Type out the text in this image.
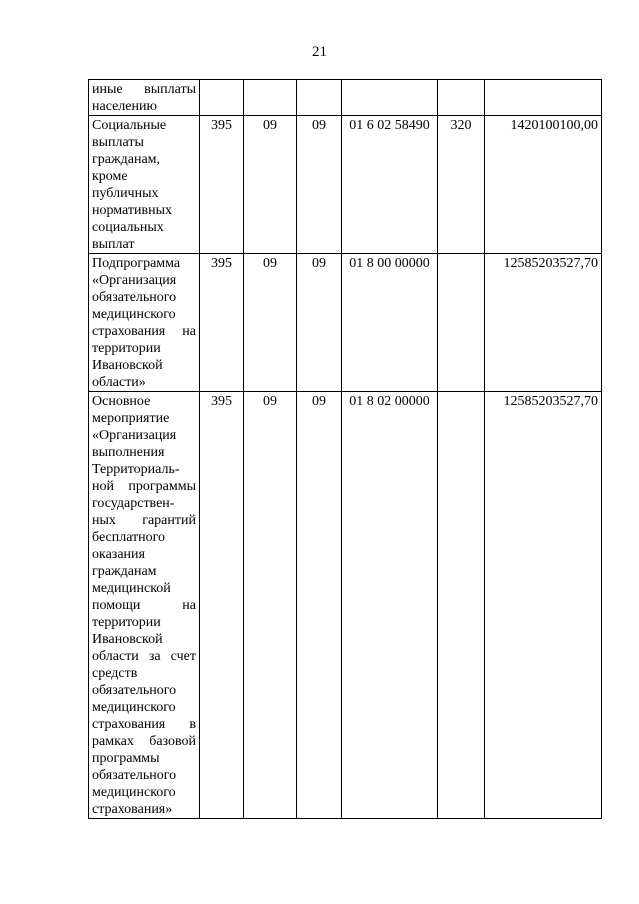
21
иные выплаты населению						
Социальные выплаты гражданам, кроме публичных нормативных социальных выплат	395	09	09	01 6 02 58490	320	1420100100,00
Подпрограмма «Организация обязательного медицинского страхования на территории Ивановской области»	395	09	09	01 8 00 00000		12585203527,70
Основное мероприятие «Организация выполнения Территориаль-ной программы государствен-ных гарантий бесплатного оказания гражданам медицинской помощи на территории Ивановской области за счет средств обязательного медицинского страхования в рамках базовой программы обязательного медицинского страхования»	395	09	09	01 8 02 00000		12585203527,70
